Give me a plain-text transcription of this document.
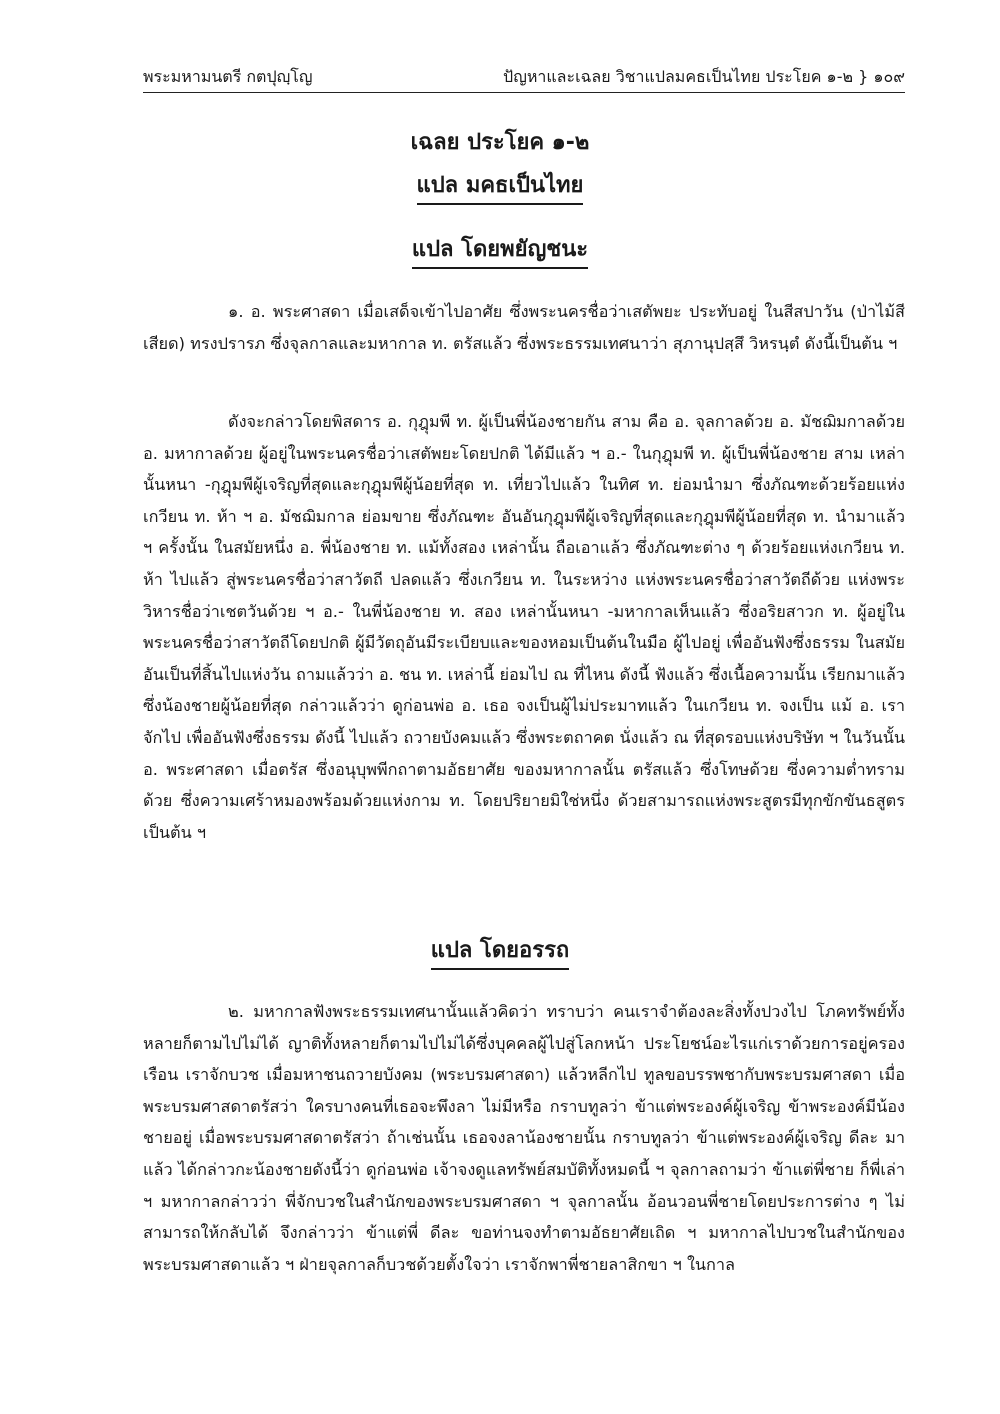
พระมหามนตรี กตปุญฺโญ	ปัญหาและเฉลย วิชาแปลมคธเป็นไทย ประโยค ๑-๒ } ๑๐๙
เฉลย ประโยค ๑-๒
แปล มคธเป็นไทย
แปล โดยพยัญชนะ

๑. อ. พระศาสดา เมื่อเสด็จเข้าไปอาศัย ซึ่งพระนครชื่อว่าเสตัพยะ ประทับอยู่ ในสีสปาวัน (ป่าไม้สีเสียด) ทรงปรารภ ซึ่งจุลกาลและมหากาล ท. ตรัสแล้ว ซึ่งพระธรรมเทศนาว่า สุภานุปสฺสึ วิหรนฺตํ ดังนี้เป็นต้น ฯ

ดังจะกล่าวโดยพิสดาร อ. กุฎุมพี ท. ผู้เป็นพี่น้องชายกัน สาม คือ อ. จุลกาลด้วย อ. มัชฌิมกาลด้วย อ. มหากาลด้วย ผู้อยู่ในพระนครชื่อว่าเสตัพยะโดยปกติ ได้มีแล้ว ฯ อ.- ในกุฎุมพี ท. ผู้เป็นพี่น้องชาย สาม เหล่านั้นหนา -กุฎุมพีผู้เจริญที่สุดและกุฎุมพีผู้น้อยที่สุด ท. เที่ยวไปแล้ว ในทิศ ท. ย่อมนำมา ซึ่งภัณฑะด้วยร้อยแห่งเกวียน ท. ห้า ฯ อ. มัชฌิมกาล ย่อมขาย ซึ่งภัณฑะ อันอันกุฎุมพีผู้เจริญที่สุดและกุฎุมพีผู้น้อยที่สุด ท. นำมาแล้ว ฯ ครั้งนั้น ในสมัยหนึ่ง อ. พี่น้องชาย ท. แม้ทั้งสอง เหล่านั้น ถือเอาแล้ว ซึ่งภัณฑะต่าง ๆ ด้วยร้อยแห่งเกวียน ท. ห้า ไปแล้ว สู่พระนครชื่อว่าสาวัตถี ปลดแล้ว ซึ่งเกวียน ท. ในระหว่าง แห่งพระนครชื่อว่าสาวัตถีด้วย แห่งพระวิหารชื่อว่าเชตวันด้วย ฯ อ.- ในพี่น้องชาย ท. สอง เหล่านั้นหนา -มหากาลเห็นแล้ว ซึ่งอริยสาวก ท. ผู้อยู่ในพระนครชื่อว่าสาวัตถีโดยปกติ ผู้มีวัตถุอันมีระเบียบและของหอมเป็นต้นในมือ ผู้ไปอยู่ เพื่ออันฟังซึ่งธรรม ในสมัยอันเป็นที่สิ้นไปแห่งวัน ถามแล้วว่า อ. ชน ท. เหล่านี้ ย่อมไป ณ ที่ไหน ดังนี้ ฟังแล้ว ซึ่งเนื้อความนั้น เรียกมาแล้ว ซึ่งน้องชายผู้น้อยที่สุด กล่าวแล้วว่า ดูก่อนพ่อ อ. เธอ จงเป็นผู้ไม่ประมาทแล้ว ในเกวียน ท. จงเป็น แม้ อ. เรา จักไป เพื่ออันฟังซึ่งธรรม ดังนี้ ไปแล้ว ถวายบังคมแล้ว ซึ่งพระตถาคต นั่งแล้ว ณ ที่สุดรอบแห่งบริษัท ฯ ในวันนั้น อ. พระศาสดา เมื่อตรัส ซึ่งอนุบุพพีกถาตามอัธยาศัย ของมหากาลนั้น ตรัสแล้ว ซึ่งโทษด้วย ซึ่งความต่ำทรามด้วย ซึ่งความเศร้าหมองพร้อมด้วยแห่งกาม ท. โดยปริยายมิใช่หนึ่ง ด้วยสามารถแห่งพระสูตรมีทุกขักขันธสูตรเป็นต้น ฯ

แปล โดยอรรถ

๒. มหากาลฟังพระธรรมเทศนานั้นแล้วคิดว่า ทราบว่า คนเราจำต้องละสิ่งทั้งปวงไป โภคทรัพย์ทั้งหลายก็ตามไปไม่ได้ ญาติทั้งหลายก็ตามไปไม่ได้ซึ่งบุคคลผู้ไปสู่โลกหน้า ประโยชน์อะไรแก่เราด้วยการอยู่ครองเรือน เราจักบวช เมื่อมหาชนถวายบังคม (พระบรมศาสดา) แล้วหลีกไป ทูลขอบรรพชากับพระบรมศาสดา เมื่อพระบรมศาสดาตรัสว่า ใครบางคนที่เธอจะพึงลา ไม่มีหรือ กราบทูลว่า ข้าแต่พระองค์ผู้เจริญ ข้าพระองค์มีน้องชายอยู่ เมื่อพระบรมศาสดาตรัสว่า ถ้าเช่นนั้น เธอจงลาน้องชายนั้น กราบทูลว่า ข้าแต่พระองค์ผู้เจริญ ดีละ มาแล้ว ได้กล่าวกะน้องชายดังนี้ว่า ดูก่อนพ่อ เจ้าจงดูแลทรัพย์สมบัติทั้งหมดนี้ ฯ จุลกาลถามว่า ข้าแต่พี่ชาย ก็พี่เล่า ฯ มหากาลกล่าวว่า พี่จักบวชในสำนักของพระบรมศาสดา ฯ จุลกาลนั้น อ้อนวอนพี่ชายโดยประการต่าง ๆ ไม่สามารถให้กลับได้ จึงกล่าวว่า ข้าแต่พี่ ดีละ ขอท่านจงทำตามอัธยาศัยเถิด ฯ มหากาลไปบวชในสำนักของพระบรมศาสดาแล้ว ฯ ฝ่ายจุลกาลก็บวชด้วยตั้งใจว่า เราจักพาพี่ชายลาสิกขา ฯ ในกาล
